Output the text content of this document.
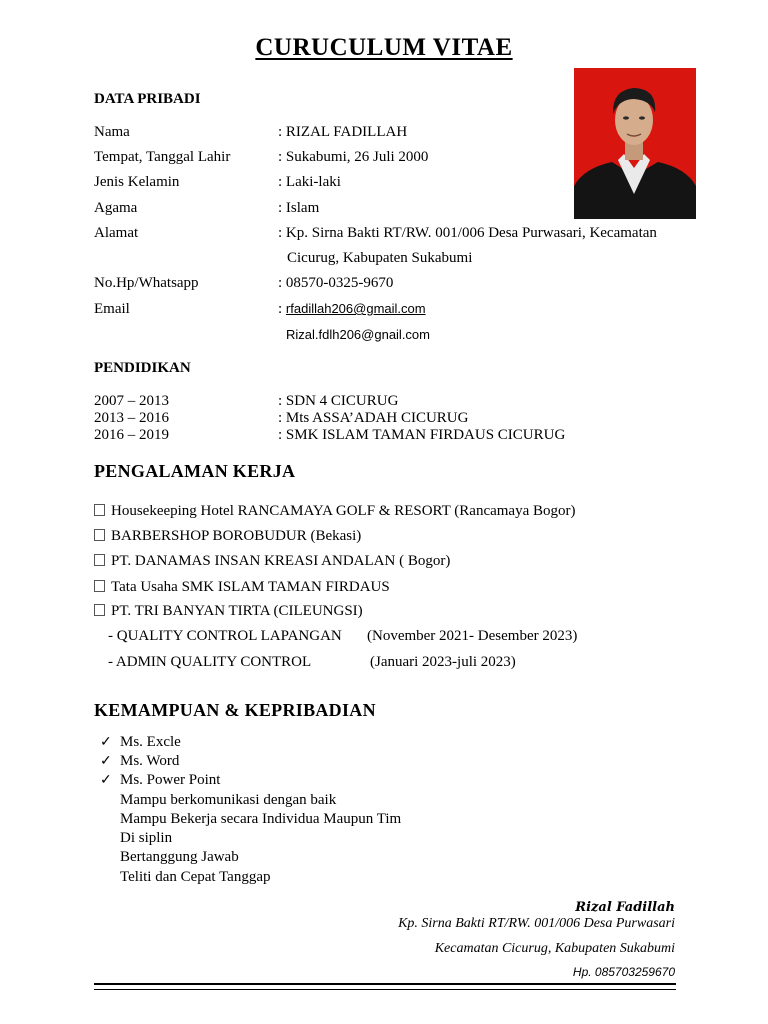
CURUCULUM VITAE
DATA PRIBADI
Nama	: RIZAL FADILLAH
Tempat, Tanggal Lahir	: Sukabumi, 26 Juli 2000
Jenis Kelamin	: Laki-laki
Agama	: Islam
Alamat	: Kp. Sirna Bakti RT/RW. 001/006 Desa Purwasari, Kecamatan
Cicurug, Kabupaten Sukabumi
No.Hp/Whatsapp	: 08570-0325-9670
Email	: rfadillah206@gmail.com
Rizal.fdlh206@gnail.com
PENDIDIKAN
2007 – 2013	: SDN 4 CICURUG
2013 – 2016	: Mts ASSA’ADAH CICURUG
2016 – 2019	: SMK ISLAM TAMAN FIRDAUS CICURUG
PENGALAMAN KERJA
Housekeeping Hotel RANCAMAYA GOLF & RESORT (Rancamaya Bogor)
BARBERSHOP BOROBUDUR (Bekasi)
PT. DANAMAS INSAN KREASI ANDALAN ( Bogor)
Tata Usaha SMK ISLAM TAMAN FIRDAUS
PT. TRI BANYAN TIRTA (CILEUNGSI)
- QUALITY CONTROL LAPANGAN (November 2021- Desember 2023)
- ADMIN QUALITY CONTROL	(Januari 2023-juli 2023)
KEMAMPUAN & KEPRIBADIAN
✓ Ms. Excle
✓ Ms. Word
✓ Ms. Power Point
Mampu berkomunikasi dengan baik
Mampu Bekerja secara Individua Maupun Tim
Di siplin
Bertanggung Jawab
Teliti dan Cepat Tanggap
Rizal Fadillah
Kp. Sirna Bakti RT/RW. 001/006 Desa Purwasari
Kecamatan Cicurug, Kabupaten Sukabumi
Hp. 085703259670
